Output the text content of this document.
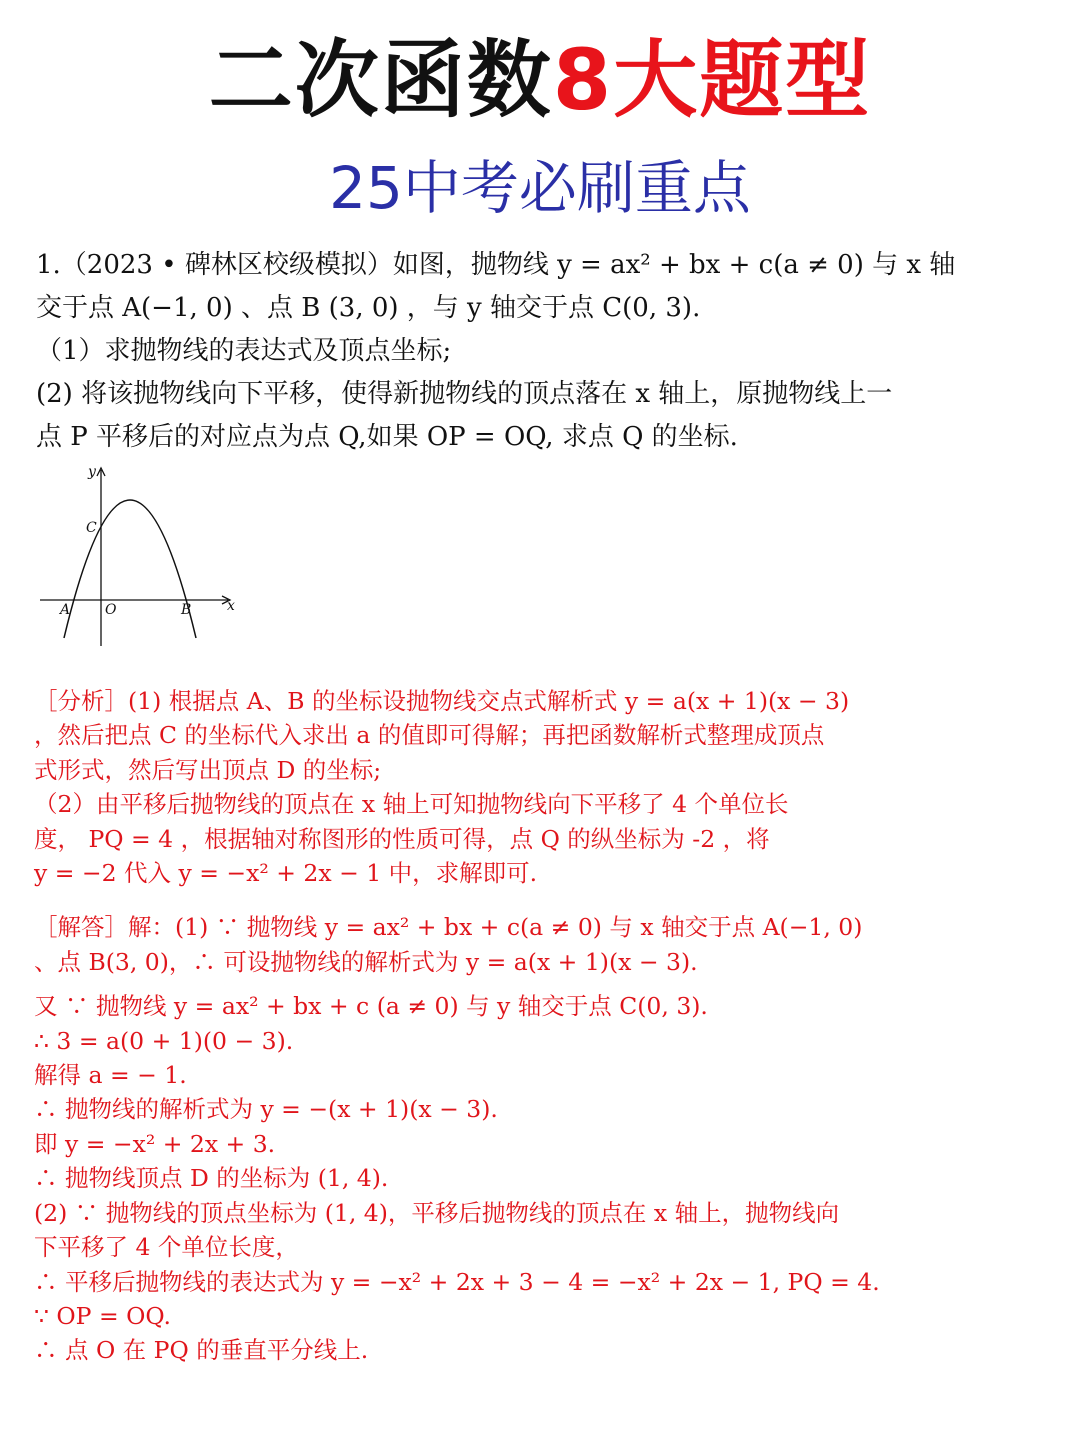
二次函数8大题型
25中考必刷重点
1.（2023 • 碑林区校级模拟）如图，抛物线 y = ax² + bx + c(a ≠ 0) 与 x 轴
交于点 A(−1, 0) 、点 B (3, 0) ，与 y 轴交于点 C(0, 3).
（1）求抛物线的表达式及顶点坐标;
(2) 将该抛物线向下平移，使得新抛物线的顶点落在 x 轴上，原抛物线上一
点 P 平移后的对应点为点 Q,如果 OP = OQ, 求点 Q 的坐标.
y
C
A O	B	x
［分析］(1) 根据点 A、B 的坐标设抛物线交点式解析式 y = a(x + 1)(x − 3)
，然后把点 C 的坐标代入求出 a 的值即可得解；再把函数解析式整理成顶点
式形式，然后写出顶点 D 的坐标;
（2）由平移后抛物线的顶点在 x 轴上可知抛物线向下平移了 4 个单位长
度， PQ = 4 ，根据轴对称图形的性质可得，点 Q 的纵坐标为 -2 ，将
y = −2 代入 y = −x² + 2x − 1 中，求解即可.
［解答］解：(1) ∵ 抛物线 y = ax² + bx + c(a ≠ 0) 与 x 轴交于点 A(−1, 0)
、点 B(3, 0)，∴ 可设抛物线的解析式为 y = a(x + 1)(x − 3).
又 ∵ 抛物线 y = ax² + bx + c (a ≠ 0) 与 y 轴交于点 C(0, 3).
∴ 3 = a(0 + 1)(0 − 3).
解得 a = − 1.
∴ 抛物线的解析式为 y = −(x + 1)(x − 3).
即 y = −x² + 2x + 3.
∴ 抛物线顶点 D 的坐标为 (1, 4).
(2) ∵ 抛物线的顶点坐标为 (1, 4)，平移后抛物线的顶点在 x 轴上，抛物线向
下平移了 4 个单位长度，
∴ 平移后抛物线的表达式为 y = −x² + 2x + 3 − 4 = −x² + 2x − 1, PQ = 4.
∵ OP = OQ.
∴ 点 O 在 PQ 的垂直平分线上.
